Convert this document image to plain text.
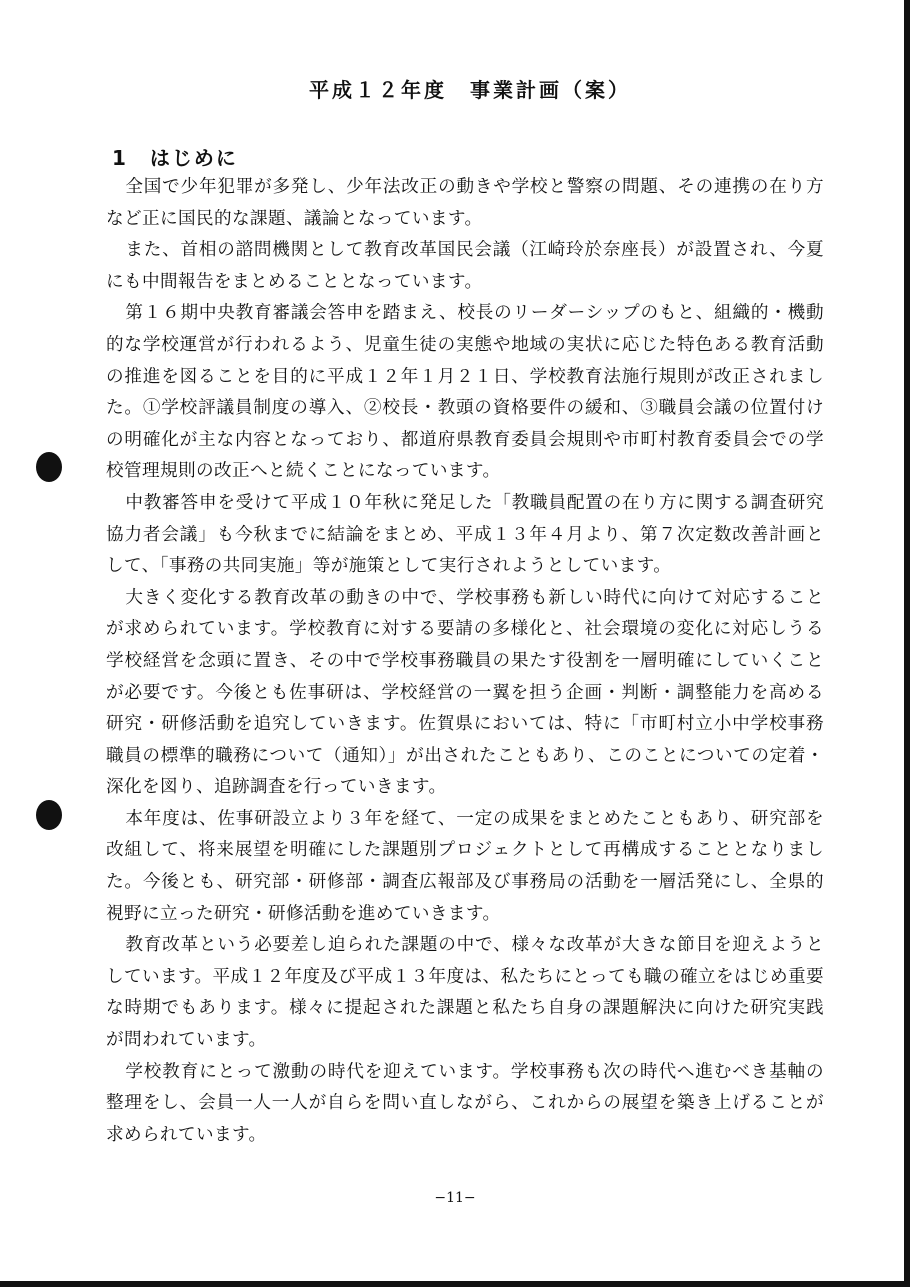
平成１２年度　事業計画（案）
1　はじめに

全国で少年犯罪が多発し、少年法改正の動きや学校と警察の問題、その連携の在り方など正に国民的な課題、議論となっています。

また、首相の諮問機関として教育改革国民会議（江崎玲於奈座長）が設置され、今夏にも中間報告をまとめることとなっています。

第１６期中央教育審議会答申を踏まえ、校長のリーダーシップのもと、組織的・機動的な学校運営が行われるよう、児童生徒の実態や地域の実状に応じた特色ある教育活動の推進を図ることを目的に平成１２年１月２１日、学校教育法施行規則が改正されました。①学校評議員制度の導入、②校長・教頭の資格要件の緩和、③職員会議の位置付けの明確化が主な内容となっており、都道府県教育委員会規則や市町村教育委員会での学校管理規則の改正へと続くことになっています。

中教審答申を受けて平成１０年秋に発足した「教職員配置の在り方に関する調査研究協力者会議」も今秋までに結論をまとめ、平成１３年４月より、第７次定数改善計画として、「事務の共同実施」等が施策として実行されようとしています。

大きく変化する教育改革の動きの中で、学校事務も新しい時代に向けて対応することが求められています。学校教育に対する要請の多様化と、社会環境の変化に対応しうる学校経営を念頭に置き、その中で学校事務職員の果たす役割を一層明確にしていくことが必要です。今後とも佐事研は、学校経営の一翼を担う企画・判断・調整能力を高める研究・研修活動を追究していきます。佐賀県においては、特に「市町村立小中学校事務職員の標準的職務について（通知）」が出されたこともあり、このことについての定着・深化を図り、追跡調査を行っていきます。

本年度は、佐事研設立より３年を経て、一定の成果をまとめたこともあり、研究部を改組して、将来展望を明確にした課題別プロジェクトとして再構成することとなりました。今後とも、研究部・研修部・調査広報部及び事務局の活動を一層活発にし、全県的視野に立った研究・研修活動を進めていきます。

教育改革という必要差し迫られた課題の中で、様々な改革が大きな節目を迎えようとしています。平成１２年度及び平成１３年度は、私たちにとっても職の確立をはじめ重要な時期でもあります。様々に提起された課題と私たち自身の課題解決に向けた研究実践が問われています。

学校教育にとって激動の時代を迎えています。学校事務も次の時代へ進むべき基軸の整理をし、会員一人一人が自らを問い直しながら、これからの展望を築き上げることが求められています。

−11−
